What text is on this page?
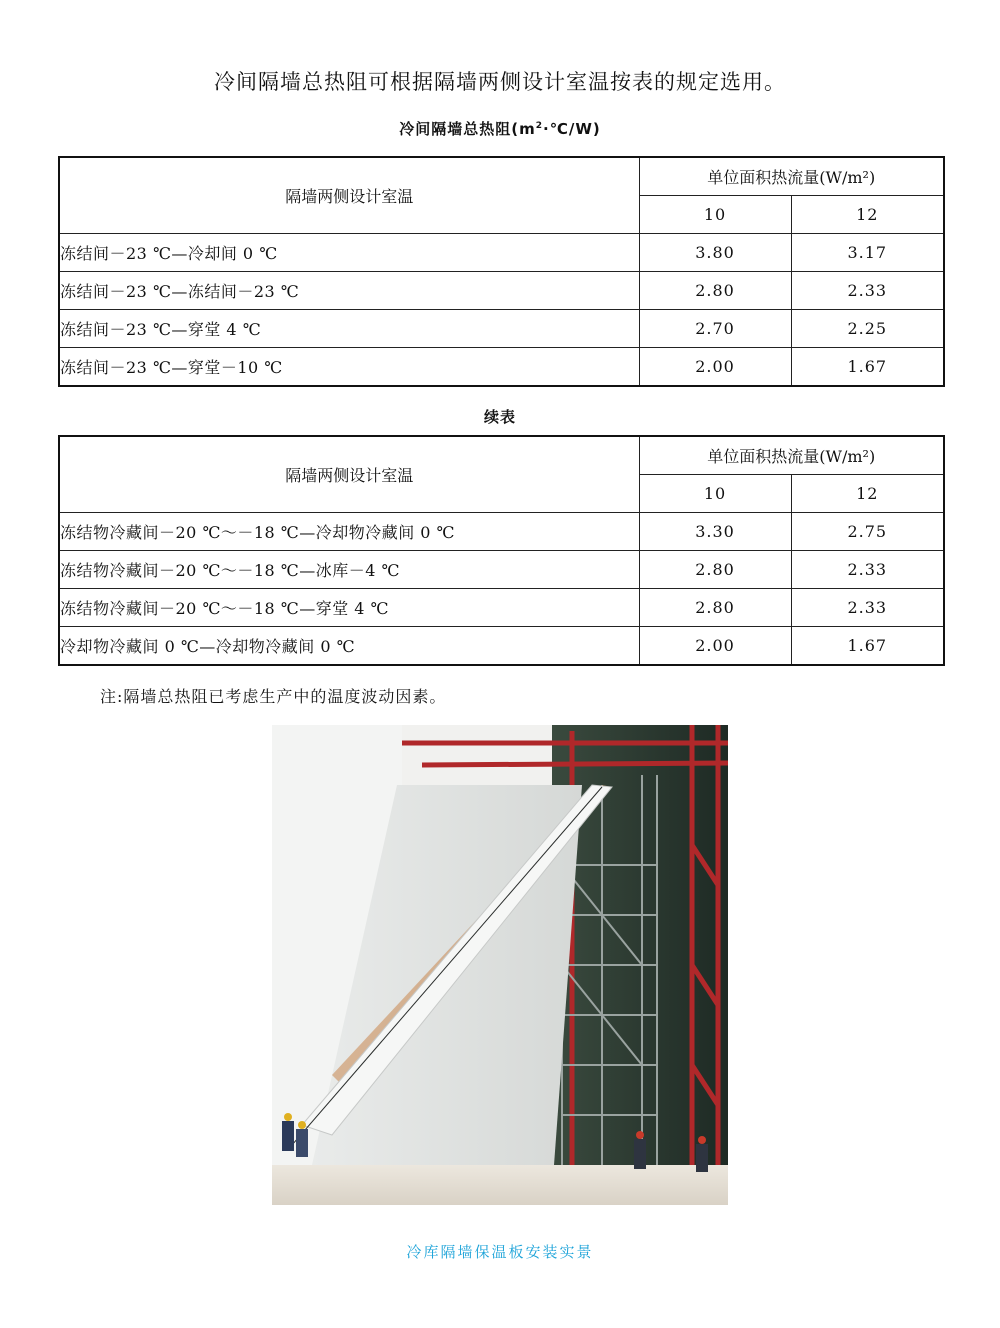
冷间隔墙总热阻可根据隔墙两侧设计室温按表的规定选用。
冷间隔墙总热阻$(m^2\cdot℃/W)$
隔墙两侧设计室温	单位面积热流量(W/m²)	
	10	12
冻结间－23 ℃—冷却间 0 ℃	3.80	3.17
冻结间－23 ℃—冻结间－23 ℃	2.80	2.33
冻结间－23 ℃—穿堂 4 ℃	2.70	2.25
冻结间－23 ℃—穿堂－10 ℃	2.00	1.67
续表
隔墙两侧设计室温	单位面积热流量(W/m²)	
	10	12
冻结物冷藏间－20 ℃～－18 ℃—冷却物冷藏间 0 ℃	3.30	2.75
冻结物冷藏间－20 ℃～－18 ℃—冰库－4 ℃	2.80	2.33
冻结物冷藏间－20 ℃～－18 ℃—穿堂 4 ℃	2.80	2.33
冷却物冷藏间 0 ℃—冷却物冷藏间 0 ℃	2.00	1.67
注:隔墙总热阻已考虑生产中的温度波动因素。
冷库隔墙保温板安装实景
